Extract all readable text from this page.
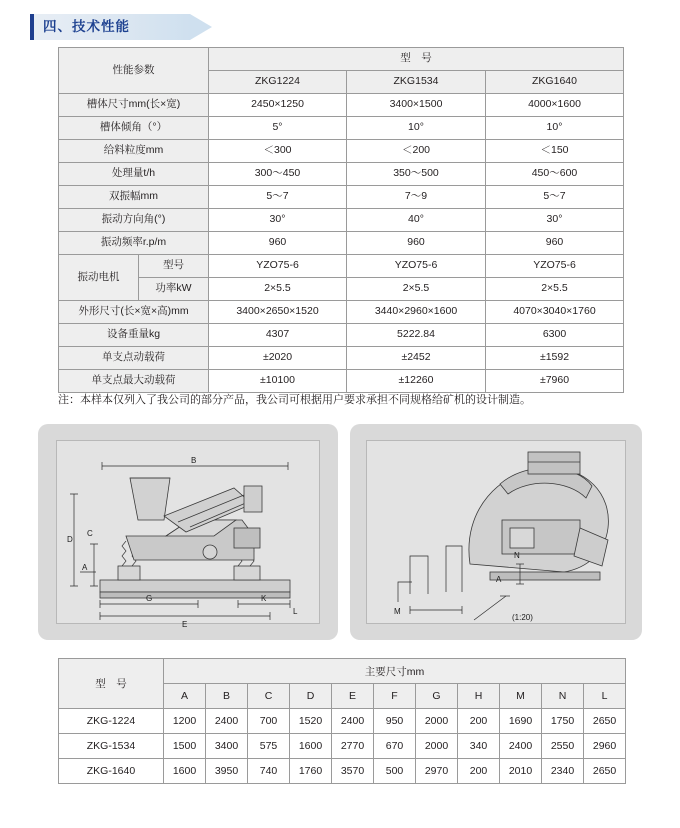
四、技术性能
性能参数		型　号		
		ZKG1224	ZKG1534	ZKG1640
槽体尺寸mm(长×宽)		2450×1250	3400×1500	4000×1600
槽体倾角（°）		5°	10°	10°
给料粒度mm		＜300	＜200	＜150
处理量t/h		300～450	350～500	450～600
双振幅mm		5～7	7～9	5～7
振动方向角(°)		30°	40°	30°
振动频率r.p/m		960	960	960
振动电机	型号	YZO75-6	YZO75-6	YZO75-6
	功率kW	2×5.5	2×5.5	2×5.5
外形尺寸(长×宽×高)mm		3400×2650×1520	3440×2960×1600	4070×3040×1760
设备重量kg		4307	5222.84	6300
单支点动载荷		±2020	±2452	±1592
单支点最大动载荷		±10100	±12260	±7960
注：本样本仅列入了我公司的部分产品，我公司可根据用户要求承担不同规格给矿机的设计制造。
B
D
C
A
G	K
E
L
N
M
A
(1:20)
型　号	主要尺寸mm										
	A	B	C	D	E	F	G	H	M	N	L
ZKG-1224	1200	2400	700	1520	2400	950	2000	200	1690	1750	2650
ZKG-1534	1500	3400	575	1600	2770	670	2000	340	2400	2550	2960
ZKG-1640	1600	3950	740	1760	3570	500	2970	200	2010	2340	2650
